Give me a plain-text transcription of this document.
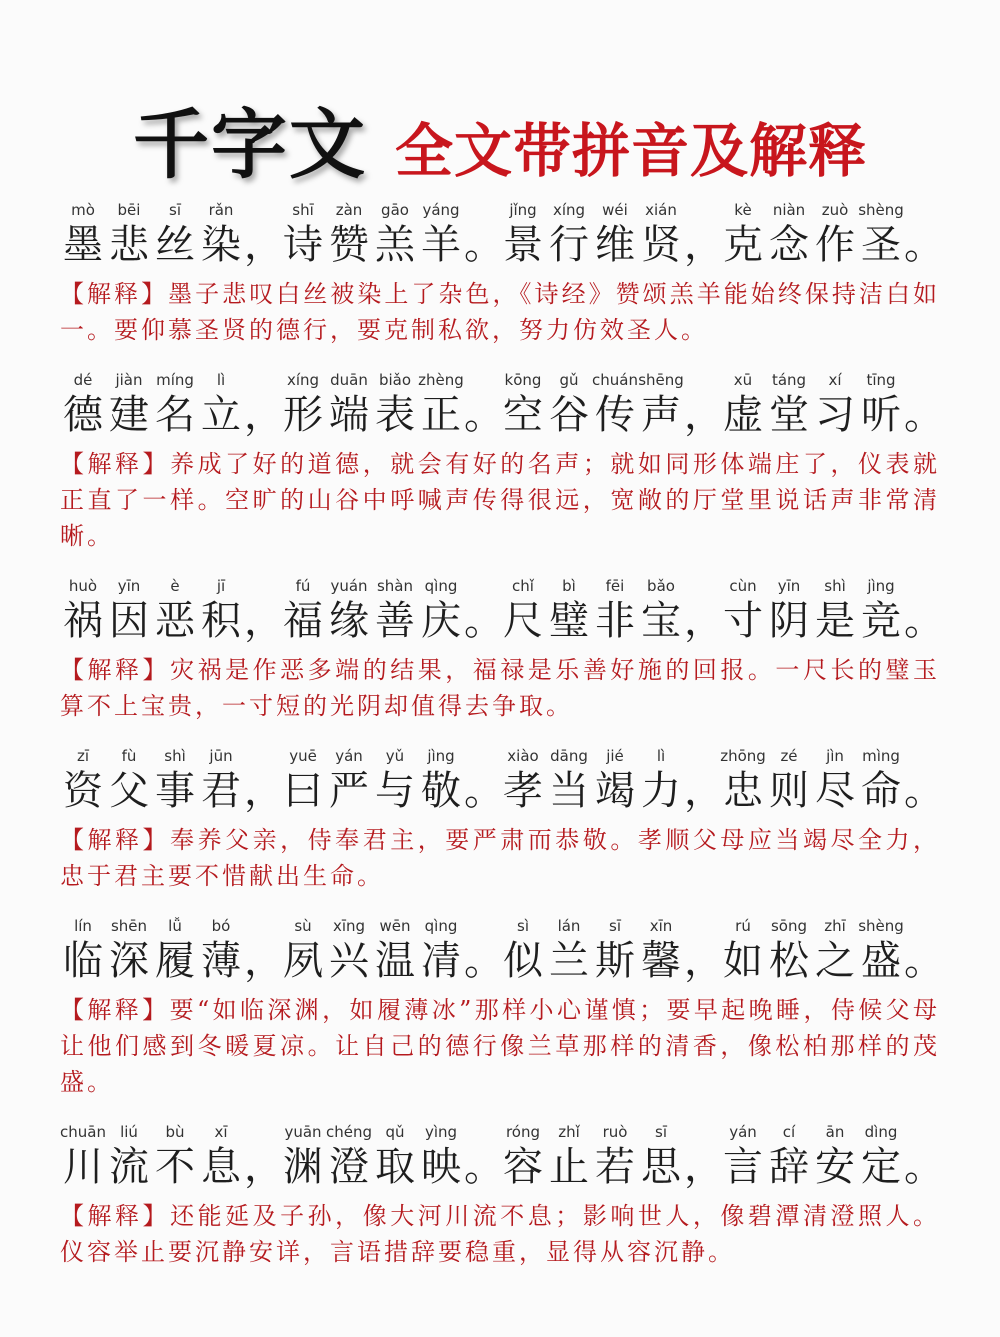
千字文 全文带拼音及解释
mò
墨
bēi
悲
sī
丝
rǎn
染 ，
shī
诗
zàn
赞
gāo
羔
yáng
羊 。
jǐng
景
xíng
行
wéi
维
xián
贤 ，
kè
克
niàn
念
zuò
作
shèng
圣 。
【解释】墨子悲叹白丝被染上了杂色，《诗经》赞颂羔羊能始终保持洁白如一。要仰慕圣贤的德行，要克制私欲，努力仿效圣人。
dé
德
jiàn
建
míng
名
lì
立 ，
xíng
形
duān
端
biǎo
表
zhèng
正 。
kōng
空
gǔ
谷
chuán
传
shēng
声 ，
xū
虚
táng
堂
xí
习
tīng
听 。
【解释】养成了好的道德，就会有好的名声；就如同形体端庄了，仪表就正直了一样。空旷的山谷中呼喊声传得很远，宽敞的厅堂里说话声非常清晰。
huò
祸
yīn
因
è
恶
jī
积 ，
fú
福
yuán
缘
shàn
善
qìng
庆 。
chǐ
尺
bì
璧
fēi
非
bǎo
宝 ，
cùn
寸
yīn
阴
shì
是
jìng
竞 。
【解释】灾祸是作恶多端的结果，福禄是乐善好施的回报。一尺长的璧玉算不上宝贵，一寸短的光阴却值得去争取。
zī
资
fù
父
shì
事
jūn
君 ，
yuē
曰
yán
严
yǔ
与
jìng
敬 。
xiào
孝
dāng
当
jié
竭
lì
力 ，
zhōng
忠
zé
则
jìn
尽
mìng
命 。
【解释】奉养父亲，侍奉君主，要严肃而恭敬。孝顺父母应当竭尽全力，忠于君主要不惜献出生命。
lín
临
shēn
深
lǚ
履
bó
薄 ，
sù
夙
xīng
兴
wēn
温
qìng
凊 。
sì
似
lán
兰
sī
斯
xīn
馨 ，
rú
如
sōng
松
zhī
之
shèng
盛 。
【解释】要“如临深渊，如履薄冰”那样小心谨慎；要早起晚睡，侍候父母让他们感到冬暖夏凉。让自己的德行像兰草那样的清香，像松柏那样的茂盛。
chuān
川
liú
流
bù
不
xī
息 ，
yuān
渊
chéng
澄
qǔ
取
yìng
映 。
róng
容
zhǐ
止
ruò
若
sī
思 ，
yán
言
cí
辞
ān
安
dìng
定 。
【解释】还能延及子孙，像大河川流不息；影响世人，像碧潭清澄照人。仪容举止要沉静安详，言语措辞要稳重，显得从容沉静。
